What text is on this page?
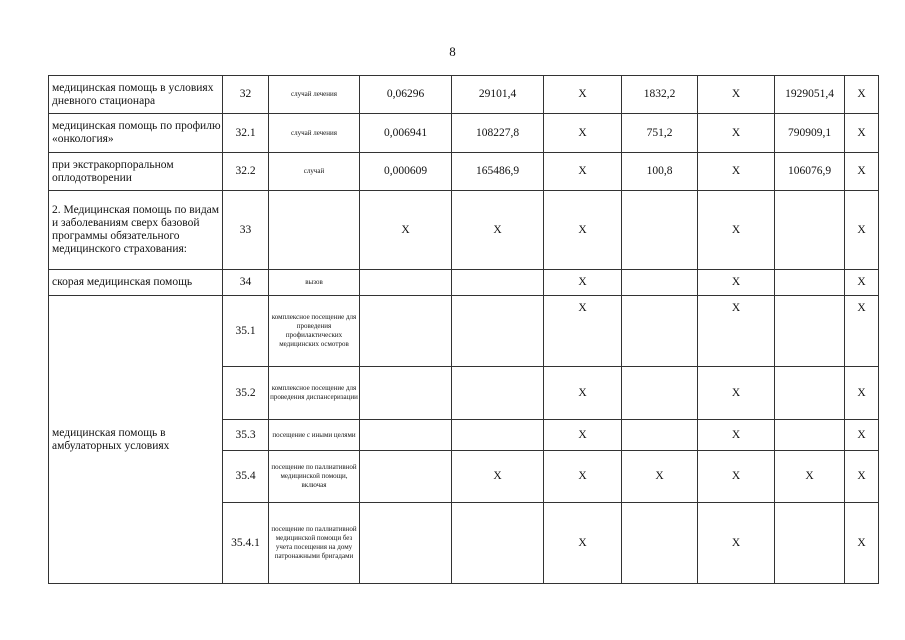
8
медицинская помощь в условиях дневного стационара	32	случай лечения	0,06296	29101,4	Х	1832,2	Х	1929051,4	Х
медицинская помощь по профилю «онкология»	32.1	случай лечения	0,006941	108227,8	Х	751,2	Х	790909,1	Х
при экстракорпоральном оплодотворении	32.2	случай	0,000609	165486,9	Х	100,8	Х	106076,9	Х
2. Медицинская помощь по видам и заболеваниям сверх базовой программы обязательного медицинского страхования:	33		Х	Х	Х		Х		Х
скорая медицинская помощь	34	вызов			Х		Х		Х
медицинская помощь в амбулаторных условиях	35.1	комплексное посещение для проведения профилактических медицинских осмотров			Х		Х		Х
	35.2	комплексное посещение для проведения диспансеризации			Х		Х		Х
	35.3	посещение с иными целями			Х		Х		Х
	35.4	посещение по паллиативной медицинской помощи, включая		Х	Х	Х	Х	Х	Х
	35.4.1	посещение по паллиативной медицинской помощи без учета посещения на дому патронажными бригадами			Х		Х		Х
